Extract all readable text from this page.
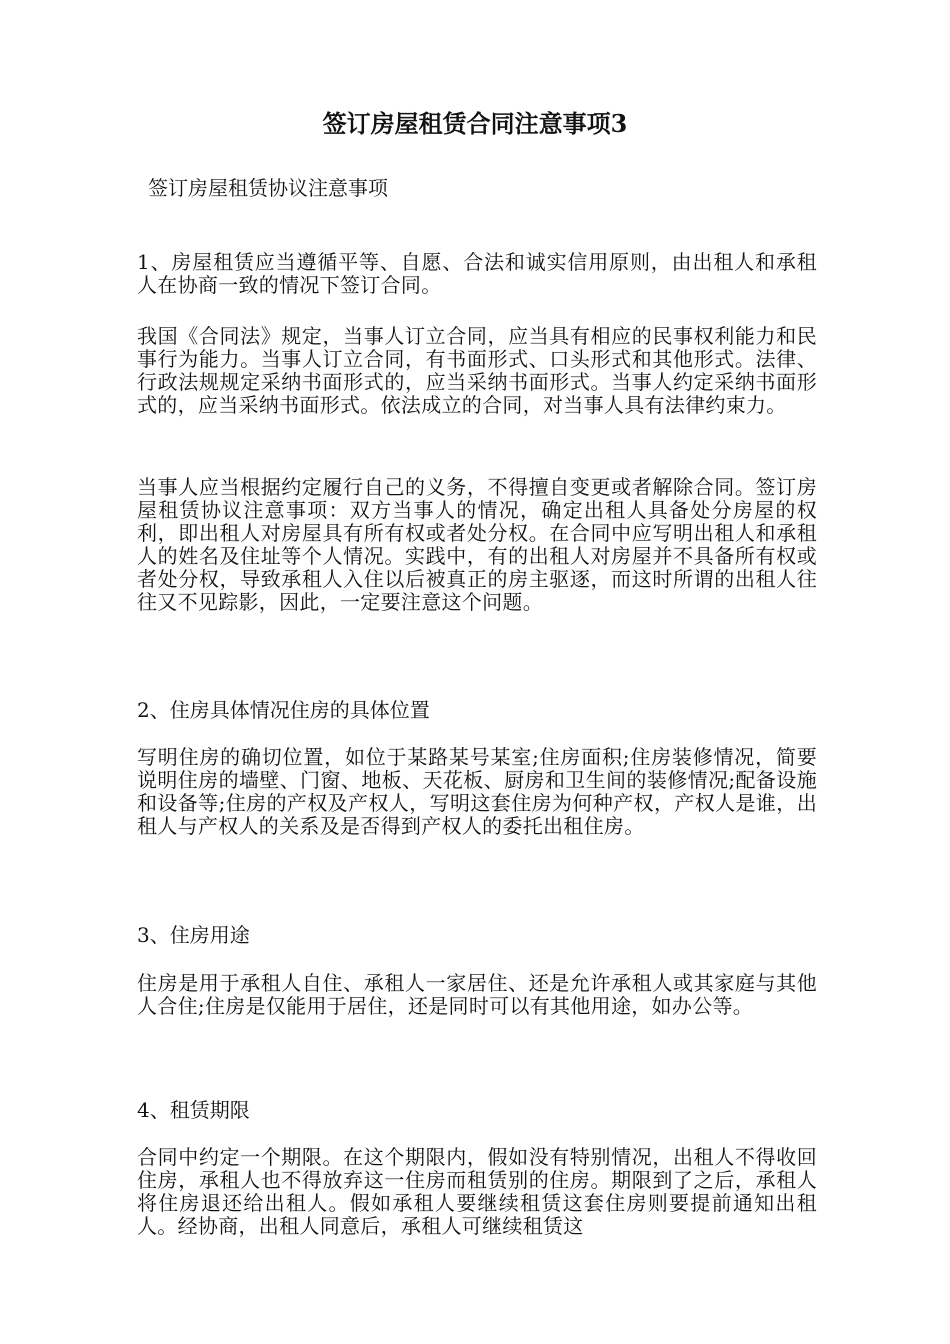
签订房屋租赁合同注意事项3

签订房屋租赁协议注意事项

1、房屋租赁应当遵循平等、自愿、合法和诚实信用原则，由出租人和承租人在协商一致的情况下签订合同。

我国《合同法》规定，当事人订立合同，应当具有相应的民事权利能力和民事行为能力。当事人订立合同，有书面形式、口头形式和其他形式。法律、行政法规规定采纳书面形式的，应当采纳书面形式。当事人约定采纳书面形式的，应当采纳书面形式。依法成立的合同，对当事人具有法律约束力。

当事人应当根据约定履行自己的义务，不得擅自变更或者解除合同。签订房屋租赁协议注意事项：双方当事人的情况，确定出租人具备处分房屋的权利，即出租人对房屋具有所有权或者处分权。在合同中应写明出租人和承租人的姓名及住址等个人情况。实践中，有的出租人对房屋并不具备所有权或者处分权，导致承租人入住以后被真正的房主驱逐，而这时所谓的出租人往往又不见踪影，因此，一定要注意这个问题。

2、住房具体情况住房的具体位置

写明住房的确切位置，如位于某路某号某室;住房面积;住房装修情况，简要说明住房的墙壁、门窗、地板、天花板、厨房和卫生间的装修情况;配备设施和设备等;住房的产权及产权人，写明这套住房为何种产权，产权人是谁，出租人与产权人的关系及是否得到产权人的委托出租住房。

3、住房用途

住房是用于承租人自住、承租人一家居住、还是允许承租人或其家庭与其他人合住;住房是仅能用于居住，还是同时可以有其他用途，如办公等。

4、租赁期限

合同中约定一个期限。在这个期限内，假如没有特别情况，出租人不得收回住房，承租人也不得放弃这一住房而租赁别的住房。期限到了之后，承租人将住房退还给出租人。假如承租人要继续租赁这套住房则要提前通知出租人。经协商，出租人同意后，承租人可继续租赁这
